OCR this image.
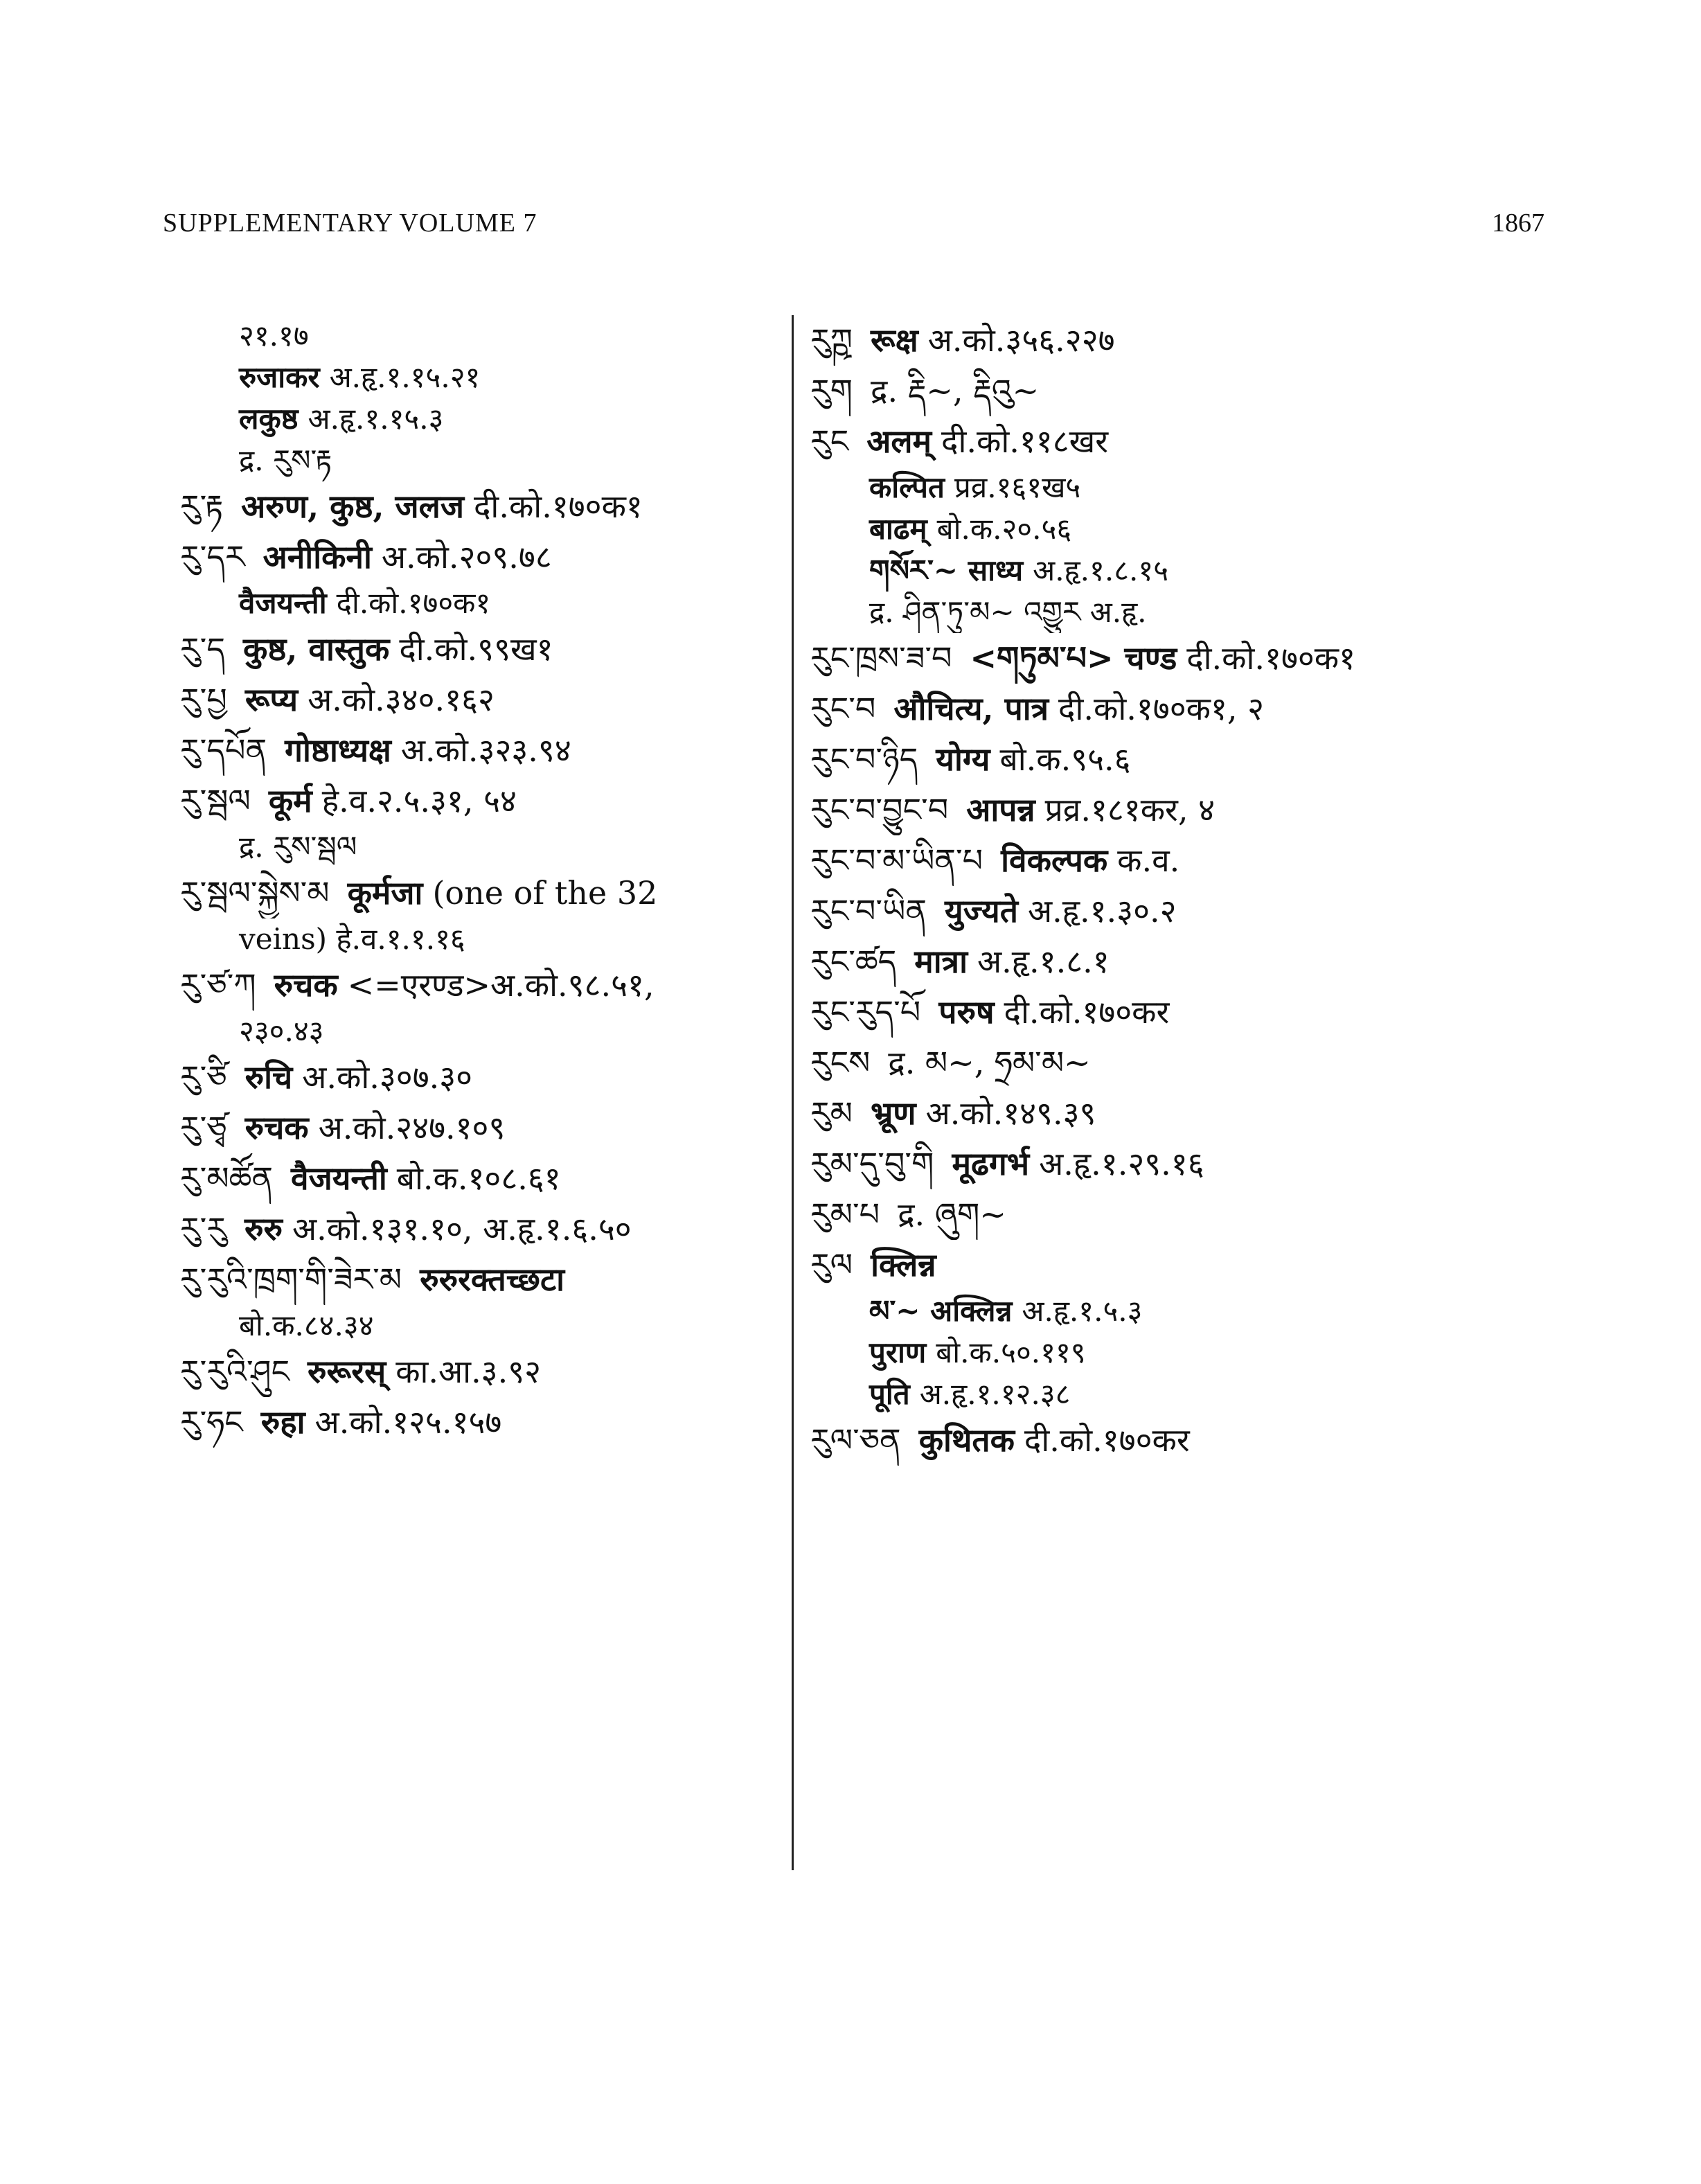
SUPPLEMENTARY VOLUME 7	1867
२१.१७
रुजाकर अ.हृ.१.१५.२१
लकुष्ठ अ.हृ.१.१५.३
द्र. རུས་རྟ
རུ་རྟ अरुण, कुष्ठ, जलज दी.को.१७०क१
རུ་དར अनीकिनी अ.को.२०९.७८
वैजयन्ती दी.को.१७०क१
རུ་ད कुष्ठ, वास्तुक दी.को.९९ख१
རུ་པྱ रूप्य अ.को.३४०.१६२
རུ་དཔོན गोष्ठाध्यक्ष अ.को.३२३.९४
རུ་སྦལ कूर्म हे.व.२.५.३१, ५४
द्र. རུས་སྦལ
རུ་སྦལ་སྐྱེས་མ कूर्मजा (one of the 32
veins) हे.व.१.१.१६
རུ་ཙ་ཀ रुचक <=एरण्ड>अ.को.९८.५१,
२३०.४३
རུ་ཙི रुचि अ.को.३०७.३०
རུ་ཙྭ रुचक अ.को.२४७.१०९
རུ་མཚོན वैजयन्ती बो.क.१०८.६१
རུ་རུ रुरु अ.को.१३१.१०, अ.हृ.१.६.५०
རུ་རུའི་ཁྲག་གི་ཟེར་མ रुरुरक्तच्छटा
बो.क.८४.३४
རུ་རུའི་ཤུང रुरूरस् का.आ.३.९२
རུ་ཧང रुहा अ.को.१२५.१५७
རུཀྵ रूक्ष अ.को.३५६.२२७
རུག द्र. རྡི~, རྡིའུ~
རུང अलम् दी.को.११८खर
कल्पित प्रव्र.१६१ख५
बाढम् बो.क.२०.५६
གསོར་~ साध्य अ.हृ.१.८.१५
द्र. ཤིན་ཏུ་མ~ འགྱུར अ.हृ.
རུང་ཁྲས་ཟ་བ <གཏུམ་པ> चण्ड दी.को.१७०क१
རུང་བ औचित्य, पात्र दी.को.१७०क१, २
རུང་བ་ཉིད योग्य बो.क.९५.६
རུང་བ་བྱུང་བ आपन्न प्रव्र.१८१कर, ४
རུང་བ་མ་ཡིན་པ विकल्पक क.व.
རུང་བ་ཡིན युज्यते अ.हृ.१.३०.२
རུང་ཚད मात्रा अ.हृ.१.८.१
རུང་རུད་པོ परुष दी.को.१७०कर
རུངས द्र. མ~, ཧྲམ་མ~
རུམ भ्रूण अ.को.१४९.३९
རུམ་དུ་བུ་གི मूढगर्भ अ.हृ.१.२९.१६
རུམ་པ द्र. ཞུག~
རུལ क्लिन्न
མ་~ अक्लिन्न अ.हृ.१.५.३
पुराण बो.क.५०.११९
पूति अ.हृ.१.१२.३८
རུལ་ཅན कुथितक दी.को.१७०कर
